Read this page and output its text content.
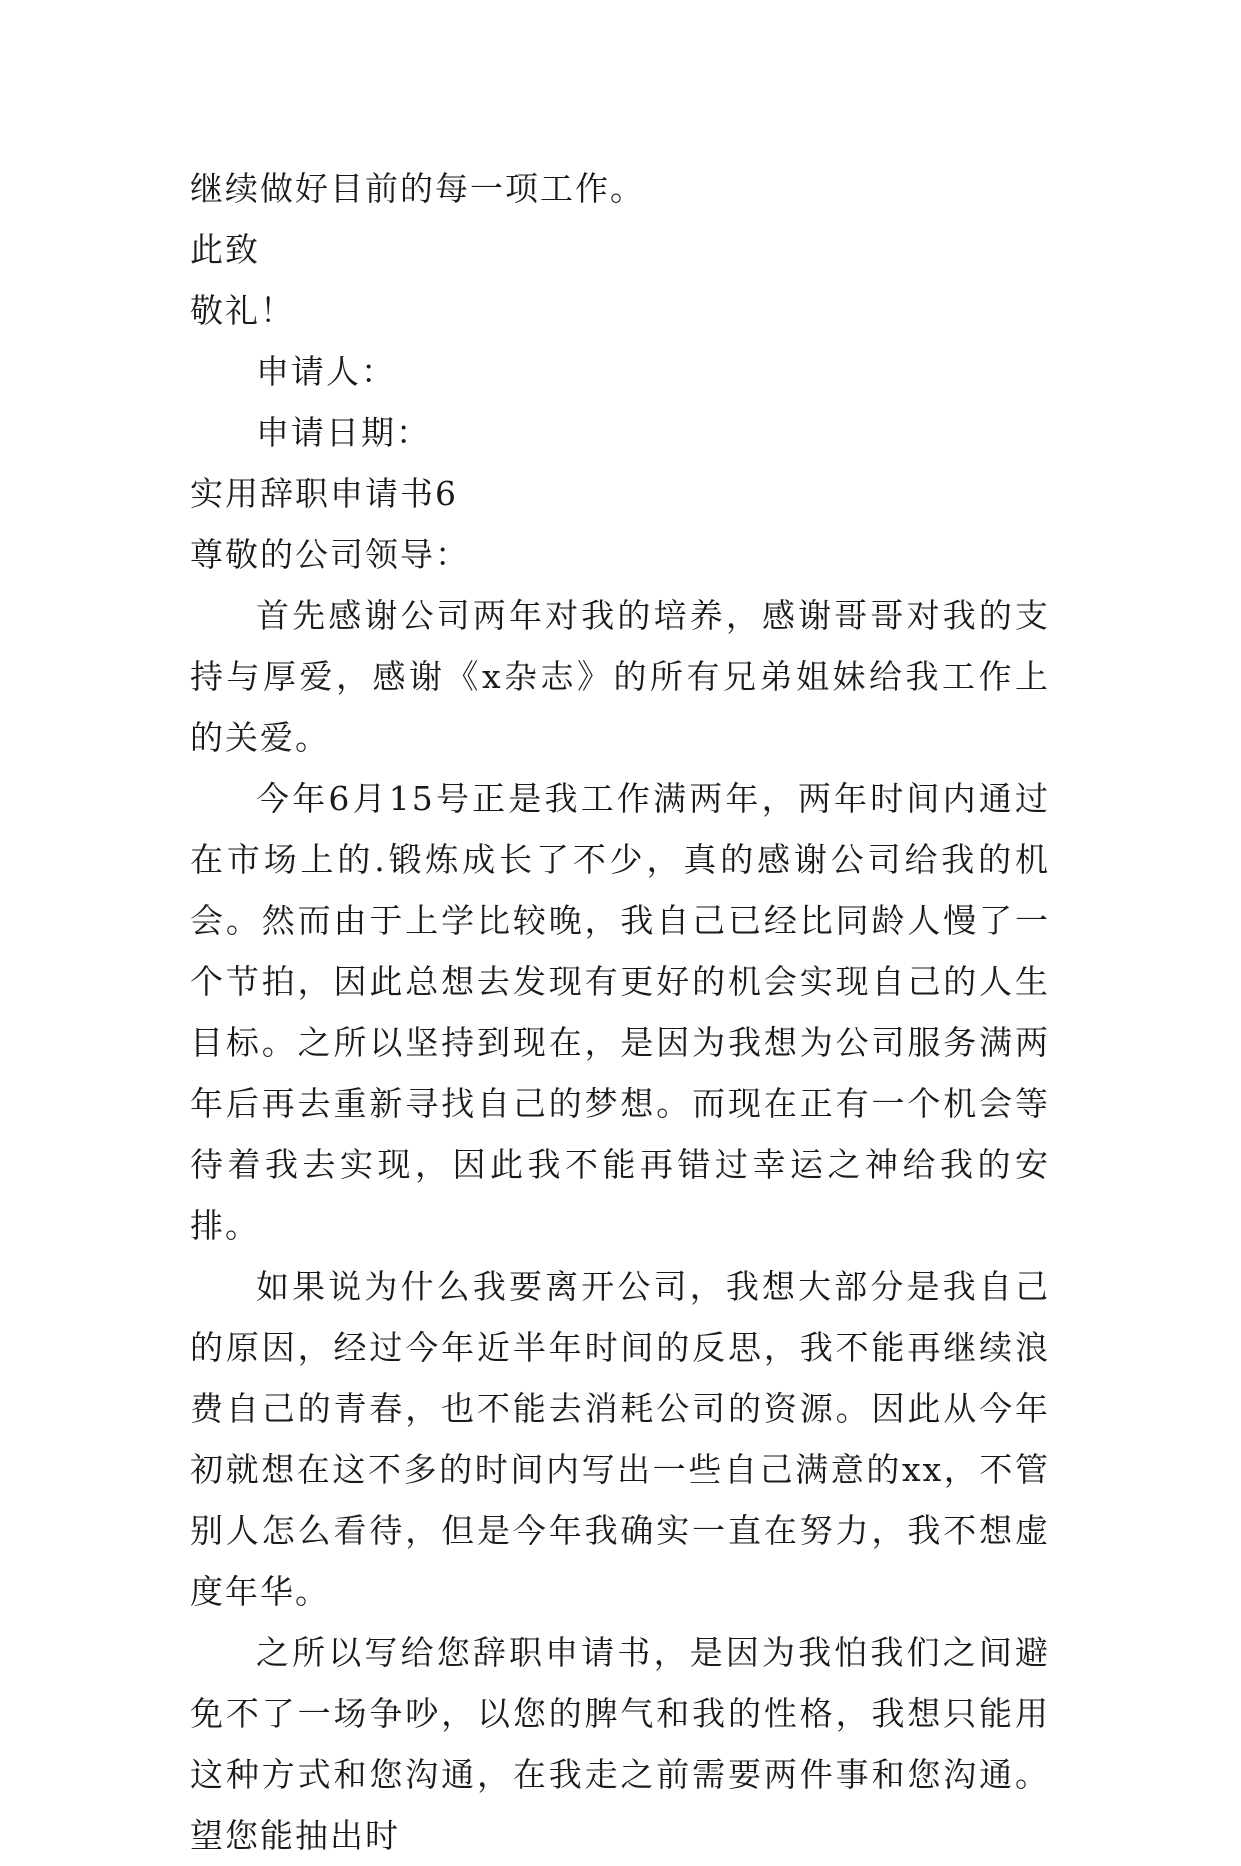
继续做好目前的每一项工作。
此致
敬礼！
申请人：
申请日期：
实用辞职申请书6
尊敬的公司领导：

首先感谢公司两年对我的培养，感谢哥哥对我的支持与厚爱，感谢《x杂志》的所有兄弟姐妹给我工作上的关爱。

今年6月15号正是我工作满两年，两年时间内通过在市场上的.锻炼成长了不少，真的感谢公司给我的机会。然而由于上学比较晚，我自己已经比同龄人慢了一个节拍，因此总想去发现有更好的机会实现自己的人生目标。之所以坚持到现在，是因为我想为公司服务满两年后再去重新寻找自己的梦想。而现在正有一个机会等待着我去实现，因此我不能再错过幸运之神给我的安排。

如果说为什么我要离开公司，我想大部分是我自己的原因，经过今年近半年时间的反思，我不能再继续浪费自己的青春，也不能去消耗公司的资源。因此从今年初就想在这不多的时间内写出一些自己满意的xx，不管别人怎么看待，但是今年我确实一直在努力，我不想虚度年华。

之所以写给您辞职申请书，是因为我怕我们之间避免不了一场争吵，以您的脾气和我的性格，我想只能用这种方式和您沟通，在我走之前需要两件事和您沟通。望您能抽出时
